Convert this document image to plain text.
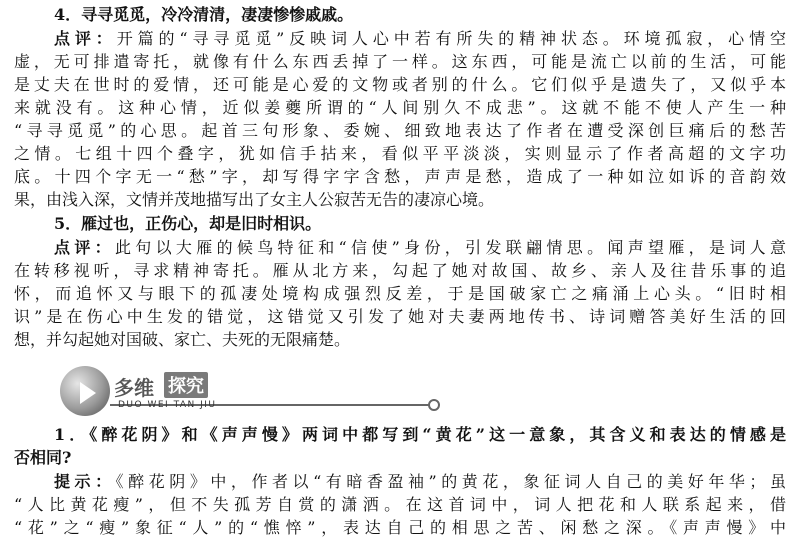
4．寻寻觅觅，冷冷清清，凄凄惨惨戚戚。
点评：开篇的“寻寻觅觅”反映词人心中若有所失的精神状态。环境孤寂，心情空
虚，无可排遣寄托，就像有什么东西丢掉了一样。这东西，可能是流亡以前的生活，可能
是丈夫在世时的爱情，还可能是心爱的文物或者别的什么。它们似乎是遗失了，又似乎本
来就没有。这种心情，近似姜夔所谓的“人间别久不成悲”。这就不能不使人产生一种
“寻寻觅觅”的心思。起首三句形象、委婉、细致地表达了作者在遭受深创巨痛后的愁苦
之情。七组十四个叠字，犹如信手拈来，看似平平淡淡，实则显示了作者高超的文字功
底。十四个字无一“愁”字，却写得字字含愁，声声是愁，造成了一种如泣如诉的音韵效
果，由浅入深，文情并茂地描写出了女主人公寂苦无告的凄凉心境。
5．雁过也，正伤心，却是旧时相识。
点评：此句以大雁的候鸟特征和“信使”身份，引发联翩情思。闻声望雁，是词人意
在转移视听，寻求精神寄托。雁从北方来，勾起了她对故国、故乡、亲人及往昔乐事的追
怀，而追怀又与眼下的孤凄处境构成强烈反差，于是国破家亡之痛涌上心头。“旧时相
识”是在伤心中生发的错觉，这错觉又引发了她对夫妻两地传书、诗词赠答美好生活的回
想，并勾起她对国破、家亡、夫死的无限痛楚。
多维 探究
DUO WEI TAN JIU
1．《醉花阴》和《声声慢》两词中都写到“黄花”这一意象，其含义和表达的情感是
否相同?
提示：《醉花阴》中，作者以“有暗香盈袖”的黄花，象征词人自己的美好年华；虽
“人比黄花瘦”，但不失孤芳自赏的潇洒。在这首词中，词人把花和人联系起来，借
“花”之“瘦”象征“人”的“憔悴”，表达自己的相思之苦、闲愁之深。《声声慢》中
